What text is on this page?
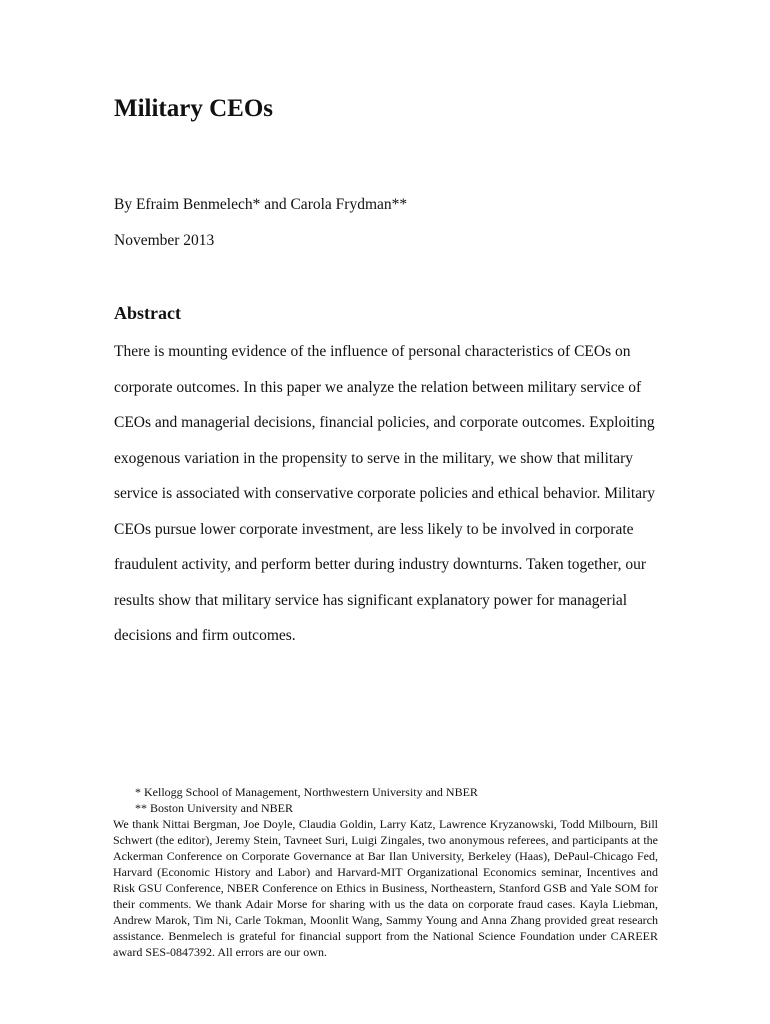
Military CEOs

By Efraim Benmelech* and Carola Frydman**

November 2013

Abstract
There is mounting evidence of the influence of personal characteristics of CEOs on
corporate outcomes. In this paper we analyze the relation between military service of
CEOs and managerial decisions, financial policies, and corporate outcomes. Exploiting
exogenous variation in the propensity to serve in the military, we show that military
service is associated with conservative corporate policies and ethical behavior. Military
CEOs pursue lower corporate investment, are less likely to be involved in corporate
fraudulent activity, and perform better during industry downturns. Taken together, our
results show that military service has significant explanatory power for managerial
decisions and firm outcomes.
* Kellogg School of Management, Northwestern University and NBER
** Boston University and NBER

We thank Nittai Bergman, Joe Doyle, Claudia Goldin, Larry Katz, Lawrence Kryzanowski, Todd Milbourn, Bill Schwert (the editor), Jeremy Stein, Tavneet Suri, Luigi Zingales, two anonymous referees, and participants at the Ackerman Conference on Corporate Governance at Bar Ilan University, Berkeley (Haas), DePaul-Chicago Fed, Harvard (Economic History and Labor) and Harvard-MIT Organizational Economics seminar, Incentives and Risk GSU Conference, NBER Conference on Ethics in Business, Northeastern, Stanford GSB and Yale SOM for their comments. We thank Adair Morse for sharing with us the data on corporate fraud cases. Kayla Liebman, Andrew Marok, Tim Ni, Carle Tokman, Moonlit Wang, Sammy Young and Anna Zhang provided great research assistance. Benmelech is grateful for financial support from the National Science Foundation under CAREER award SES-0847392. All errors are our own.
